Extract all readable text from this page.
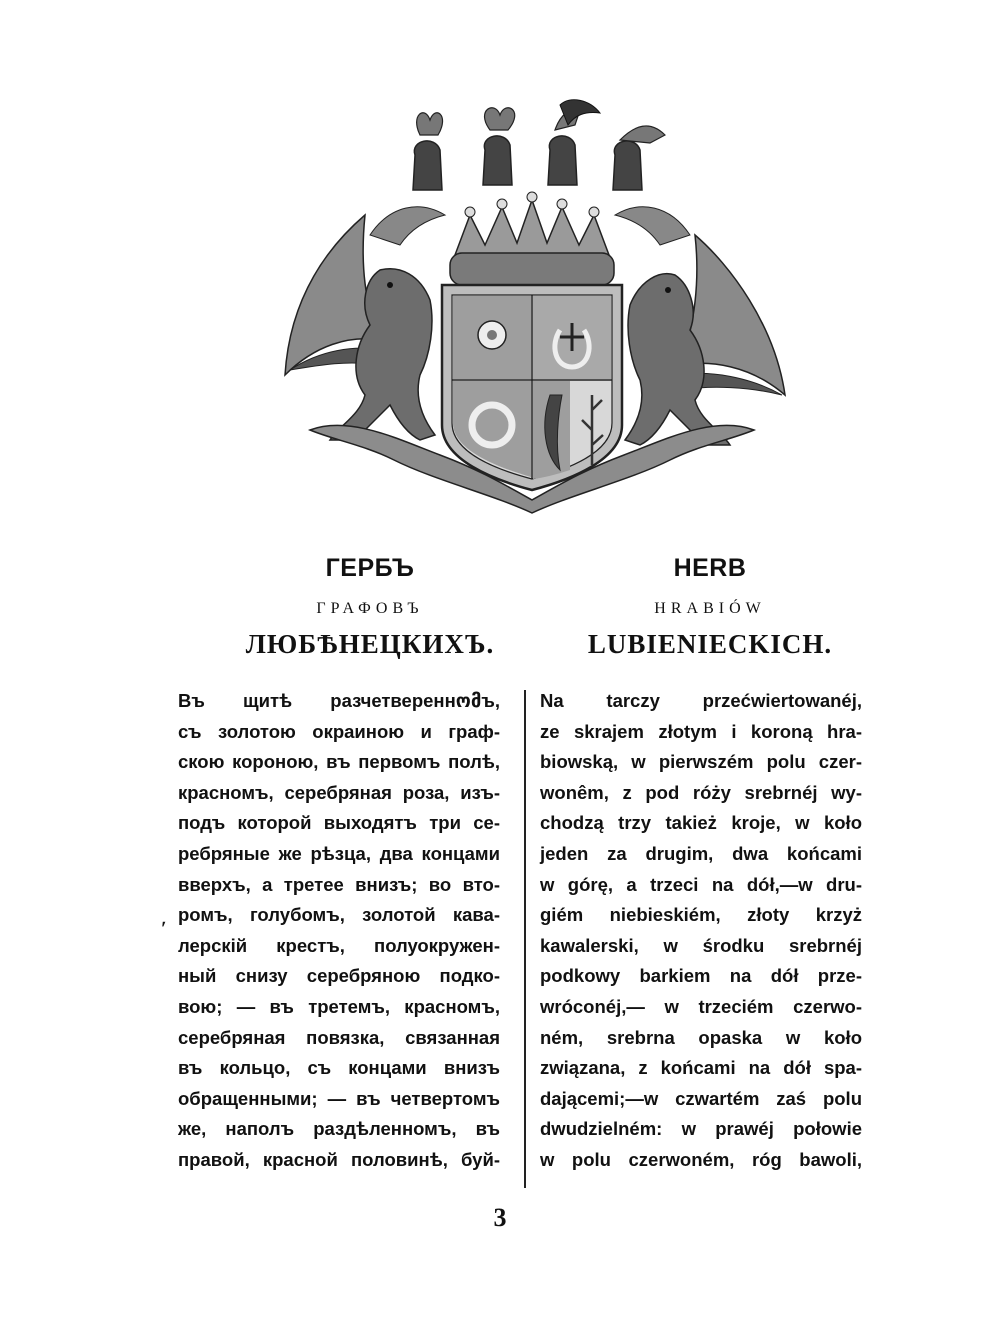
ГЕРБЪ
ГРАФОВЪ
ЛЮБѢНЕЦКИХЪ.
HERB
HRABIÓW
LUBIENIECKICH.
ʹ

Въ щитѣ разчетвереннომъ,
съ золотою окраиною и граф-
скою короною, въ первомъ полѣ,
красномъ, серебряная роза, изъ-
подъ которой выходятъ три се-
ребряные же рѣзца, два концами
вверхъ, а третее внизъ; во вто-
ромъ, голубомъ, золотой кава-
лерскій крестъ, полуокружен-
ный снизу серебряною подко-
вою; — въ третемъ, красномъ,
серебряная повязка, связанная
въ кольцо, съ концами внизъ
обращенными; — въ четвертомъ
же, наполъ раздѣленномъ, въ
правой, красной половинѣ, буй-

Na tarczy przećwiertowanéj,
ze skrajem złotym i koroną hra-
biowską, w pierwszém polu czer-
wonêm, z pod róży srebrnéj wy-
chodzą trzy takież kroje, w koło
jeden za drugim, dwa końcami
w górę, a trzeci na dół,—w dru-
giém niebieskiém, złoty krzyż
kawalerski, w środku srebrnéj
podkowy barkiem na dół prze-
wróconéj,— w trzeciém czerwo-
ném, srebrna opaska w koło
związana, z końcami na dół spa-
dającemi;—w czwartém zaś polu
dwudzielném: w prawéj połowie
w polu czerwoném, róg bawoli,

3
